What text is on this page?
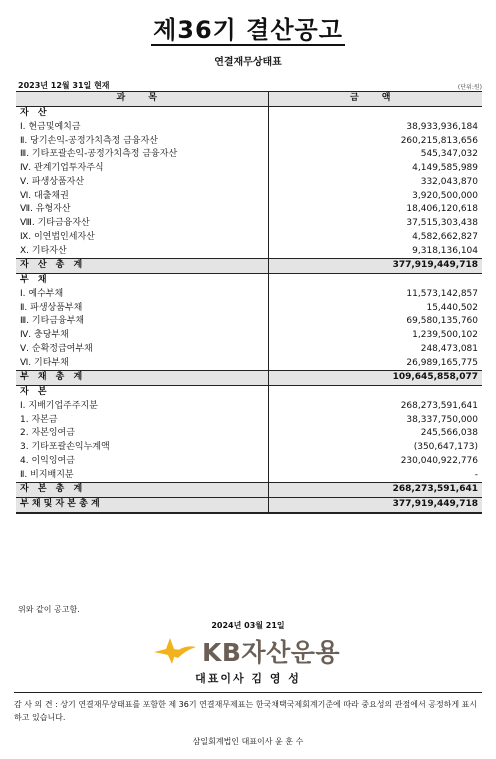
제36기 결산공고
연결재무상태표
2023년 12월 31일 현재	(단위:원)
과 목	금 액
자 산	
Ⅰ. 현금및예치금	38,933,936,184
Ⅱ. 당기손익-공정가치측정 금융자산	260,215,813,656
Ⅲ. 기타포괄손익-공정가치측정 금융자산	545,347,032
Ⅳ. 관계기업투자주식	4,149,585,989
Ⅴ. 파생상품자산	332,043,870
Ⅵ. 대출채권	3,920,500,000
Ⅶ. 유형자산	18,406,120,618
Ⅷ. 기타금융자산	37,515,303,438
Ⅸ. 이연법인세자산	4,582,662,827
Ⅹ. 기타자산	9,318,136,104
자 산 총 계	377,919,449,718
부 채	
Ⅰ. 예수부채	11,573,142,857
Ⅱ. 파생상품부채	15,440,502
Ⅲ. 기타금융부채	69,580,135,760
Ⅳ. 충당부채	1,239,500,102
Ⅴ. 순확정급여부채	248,473,081
Ⅵ. 기타부채	26,989,165,775
부 채 총 계	109,645,858,077
자 본	
Ⅰ. 지배기업주주지분	268,273,591,641
1. 자본금	38,337,750,000
2. 자본잉여금	245,566,038
3. 기타포괄손익누계액	(350,647,173)
4. 이익잉여금	230,040,922,776
Ⅱ. 비지배지분	-
자 본 총 계	268,273,591,641
부 채 및 자 본 총 계	377,919,449,718
위와 같이 공고함.
2024년 03월 21일
KB자산운용
대표이사 김 영 성
감 사 의 견 : 상기 연결재무상태표를 포함한 제 36기 연결재무제표는 한국채택국제회계기준에 따라 중요성의 관점에서 공정하게 표시하고 있습니다.
삼일회계법인 대표이사 윤 훈 수
